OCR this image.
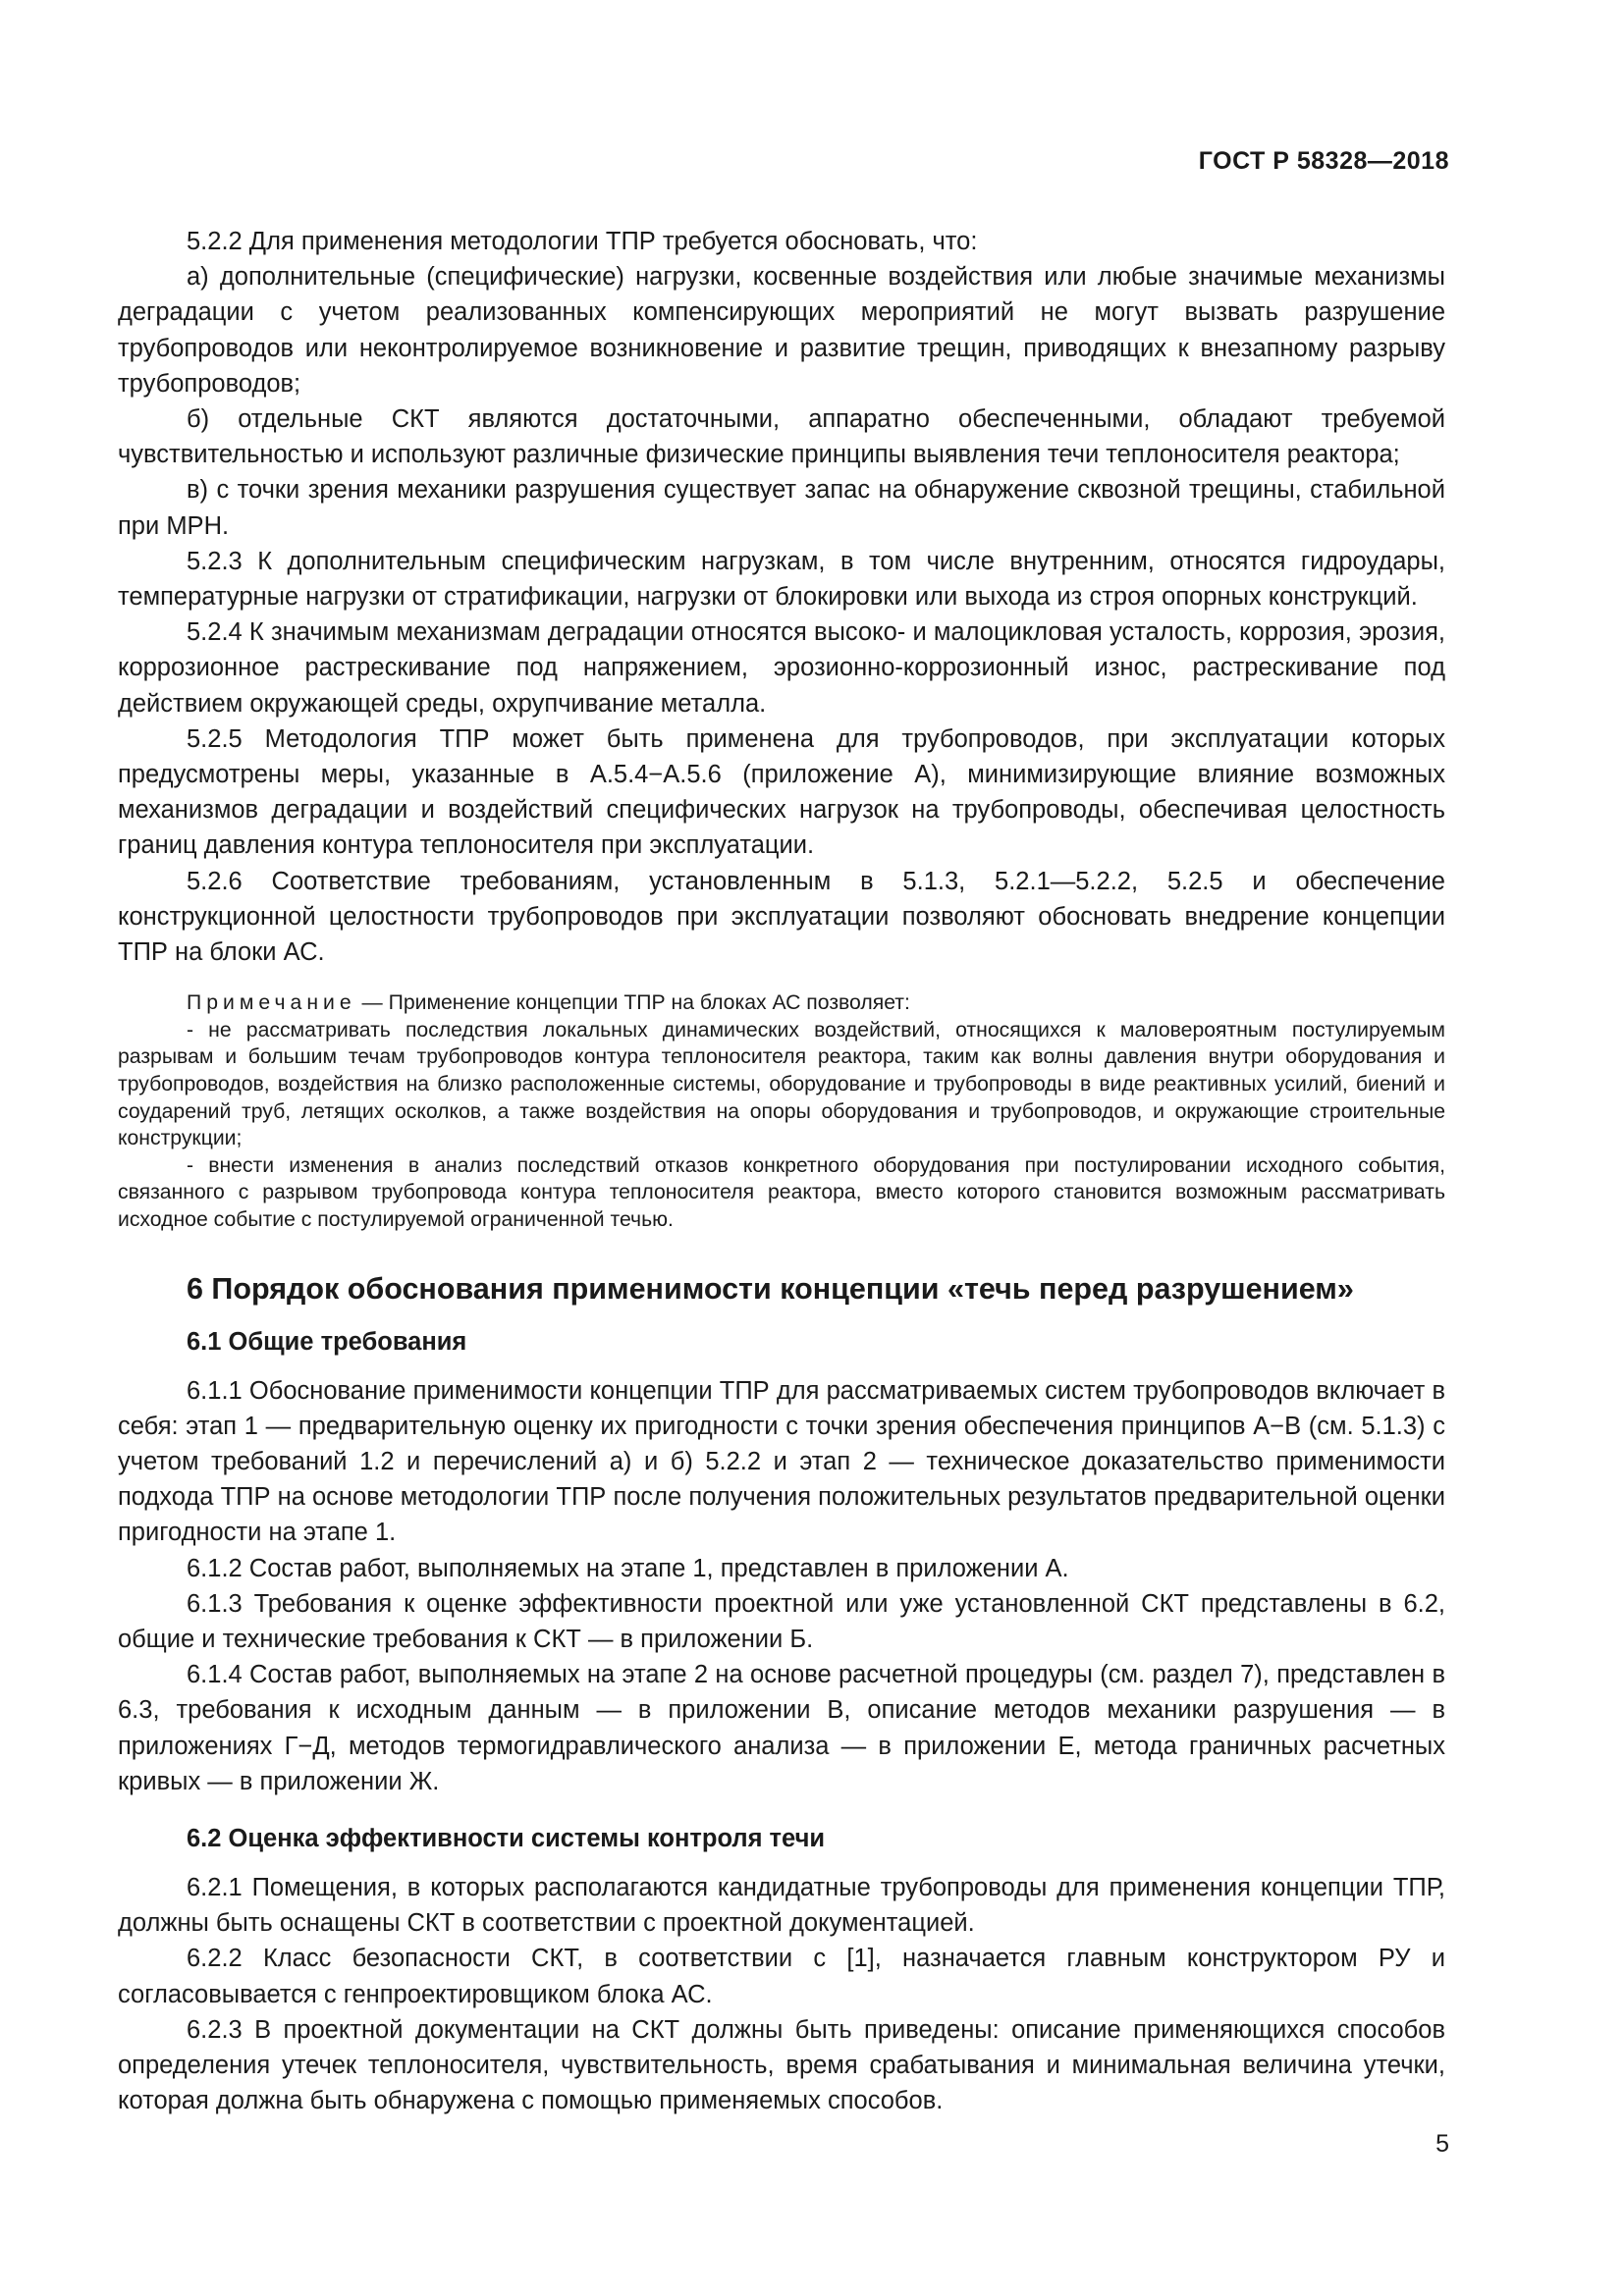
ГОСТ Р 58328—2018

5.2.2 Для применения методологии ТПР требуется обосновать, что:

а) дополнительные (специфические) нагрузки, косвенные воздействия или любые значимые механизмы деградации с учетом реализованных компенсирующих мероприятий не могут вызвать разрушение трубопроводов или неконтролируемое возникновение и развитие трещин, приводящих к внезапному разрыву трубопроводов;

б) отдельные СКТ являются достаточными, аппаратно обеспеченными, обладают требуемой чувствительностью и используют различные физические принципы выявления течи теплоносителя реактора;

в) с точки зрения механики разрушения существует запас на обнаружение сквозной трещины, стабильной при МРН.

5.2.3 К дополнительным специфическим нагрузкам, в том числе внутренним, относятся гидроудары, температурные нагрузки от стратификации, нагрузки от блокировки или выхода из строя опорных конструкций.

5.2.4 К значимым механизмам деградации относятся высоко- и малоцикловая усталость, коррозия, эрозия, коррозионное растрескивание под напряжением, эрозионно-коррозионный износ, растрескивание под действием окружающей среды, охрупчивание металла.

5.2.5 Методология ТПР может быть применена для трубопроводов, при эксплуатации которых предусмотрены меры, указанные в А.5.4−А.5.6 (приложение А), минимизирующие влияние возможных механизмов деградации и воздействий специфических нагрузок на трубопроводы, обеспечивая целостность границ давления контура теплоносителя при эксплуатации.

5.2.6 Соответствие требованиям, установленным в 5.1.3, 5.2.1—5.2.2, 5.2.5 и обеспечение конструкционной целостности трубопроводов при эксплуатации позволяют обосновать внедрение концепции ТПР на блоки АС.

Примечание — Применение концепции ТПР на блоках АС позволяет:

- не рассматривать последствия локальных динамических воздействий, относящихся к маловероятным постулируемым разрывам и большим течам трубопроводов контура теплоносителя реактора, таким как волны давления внутри оборудования и трубопроводов, воздействия на близко расположенные системы, оборудование и трубопроводы в виде реактивных усилий, биений и соударений труб, летящих осколков, а также воздействия на опоры оборудования и трубопроводов, и окружающие строительные конструкции;

- внести изменения в анализ последствий отказов конкретного оборудования при постулировании исходного события, связанного с разрывом трубопровода контура теплоносителя реактора, вместо которого становится возможным рассматривать исходное событие с постулируемой ограниченной течью.

6 Порядок обоснования применимости концепции «течь перед разрушением»
6.1 Общие требования

6.1.1 Обоснование применимости концепции ТПР для рассматриваемых систем трубопроводов включает в себя: этап 1 — предварительную оценку их пригодности с точки зрения обеспечения принципов А−В (см. 5.1.3) с учетом требований 1.2 и перечислений а) и б) 5.2.2 и этап 2 — техническое доказательство применимости подхода ТПР на основе методологии ТПР после получения положительных результатов предварительной оценки пригодности на этапе 1.

6.1.2 Состав работ, выполняемых на этапе 1, представлен в приложении А.

6.1.3 Требования к оценке эффективности проектной или уже установленной СКТ представлены в 6.2, общие и технические требования к СКТ — в приложении Б.

6.1.4 Состав работ, выполняемых на этапе 2 на основе расчетной процедуры (см. раздел 7), представлен в 6.3, требования к исходным данным — в приложении В, описание методов механики разрушения — в приложениях Г−Д, методов термогидравлического анализа — в приложении Е, метода граничных расчетных кривых — в приложении Ж.

6.2 Оценка эффективности системы контроля течи

6.2.1 Помещения, в которых располагаются кандидатные трубопроводы для применения концепции ТПР, должны быть оснащены СКТ в соответствии с проектной документацией.

6.2.2 Класс безопасности СКТ, в соответствии с [1], назначается главным конструктором РУ и согласовывается с генпроектировщиком блока АС.

6.2.3 В проектной документации на СКТ должны быть приведены: описание применяющихся способов определения утечек теплоносителя, чувствительность, время срабатывания и минимальная величина утечки, которая должна быть обнаружена с помощью применяемых способов.

5
